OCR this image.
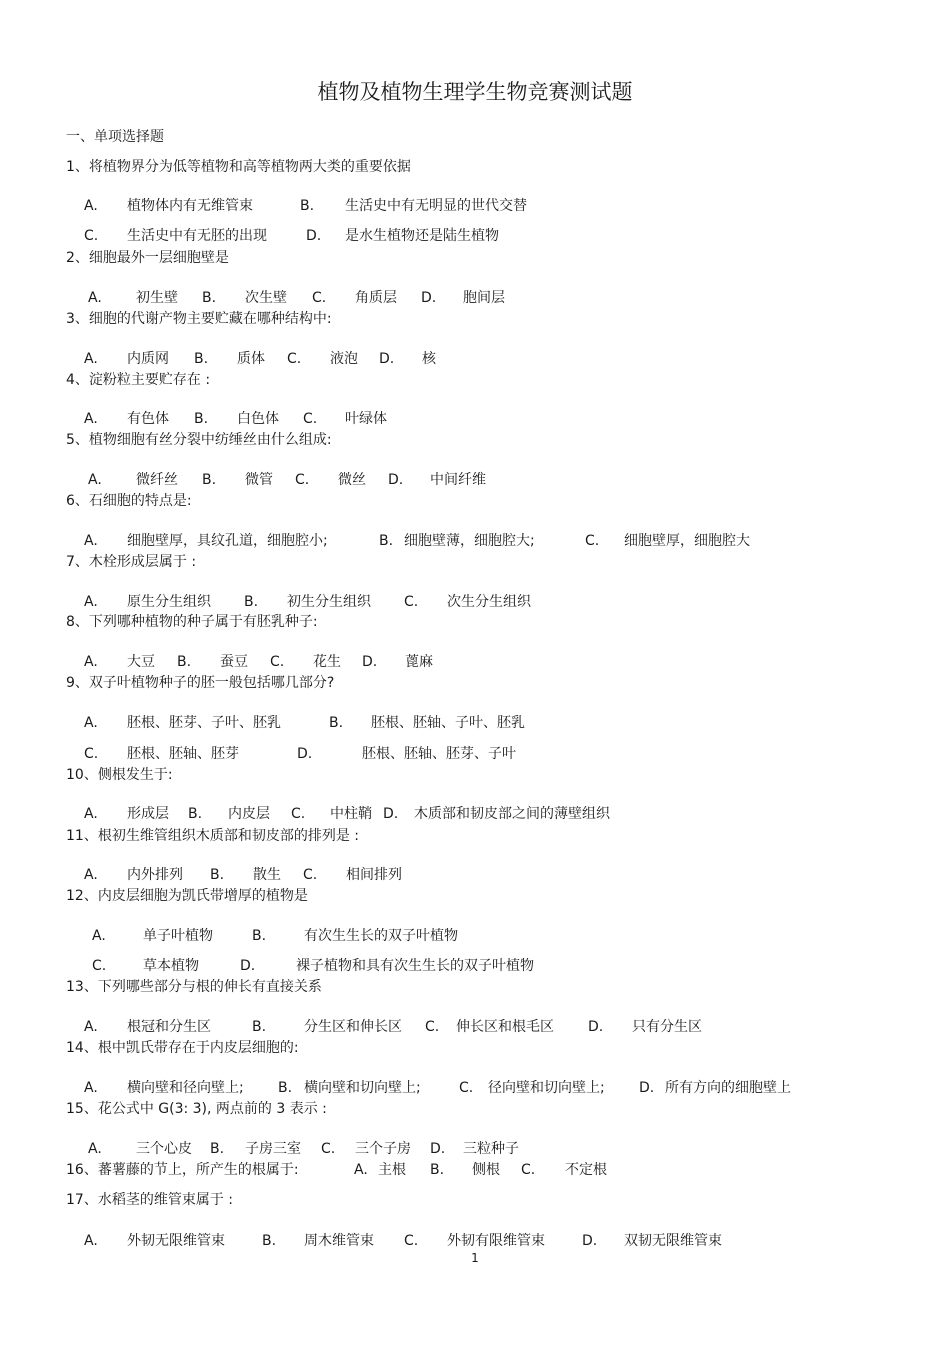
植物及植物生理学生物竞赛测试题
一、单项选择题
1、将植物界分为低等植物和高等植物两大类的重要依据
A. 植物体内有无维管束	B. 生活史中有无明显的世代交替
C. 生活史中有无胚的出现	D. 是水生植物还是陆生植物
2、细胞最外一层细胞壁是
A. 初生壁 B. 次生壁 C. 角质层 D. 胞间层
3、细胞的代谢产物主要贮藏在哪种结构中:
A. 内质网 B. 质体 C. 液泡 D. 核
4、淀粉粒主要贮存在 :
A. 有色体 B. 白色体 C. 叶绿体
5、植物细胞有丝分裂中纺缍丝由什么组成:
A. 微纤丝 B. 微管 C. 微丝 D. 中间纤维
6、石细胞的特点是:
A. 细胞壁厚，具纹孔道，细胞腔小;	B. 细胞壁薄，细胞腔大;	C. 细胞壁厚，细胞腔大
7、木栓形成层属于 :
A. 原生分生组织 B. 初生分生组织 C. 次生分生组织
8、下列哪种植物的种子属于有胚乳种子:
A. 大豆 B. 蚕豆 C. 花生 D. 蓖麻
9、双子叶植物种子的胚一般包括哪几部分?
A. 胚根、胚芽、子叶、胚乳	B. 胚根、胚轴、子叶、胚乳
C. 胚根、胚轴、胚芽	D.	胚根、胚轴、胚芽、子叶
10、侧根发生于:
A. 形成层 B. 内皮层 C. 中柱鞘 D. 木质部和韧皮部之间的薄壁组织
11、根初生维管组织木质部和韧皮部的排列是 :
A. 内外排列 B. 散生 C. 相间排列
12、内皮层细胞为凯氏带增厚的植物是
A.	单子叶植物	B.	有次生生长的双子叶植物
C.	草本植物	D.	裸子植物和具有次生生长的双子叶植物
13、下列哪些部分与根的伸长有直接关系
A. 根冠和分生区	B.	分生区和伸长区 C. 伸长区和根毛区 D. 只有分生区
14、根中凯氏带存在于内皮层细胞的:
A. 横向壁和径向壁上; B. 横向壁和切向壁上;	C. 径向壁和切向壁上; D. 所有方向的细胞壁上
15、花公式中 G(3: 3), 两点前的 3 表示 :
A. 三个心皮 B. 子房三室 C. 三个子房 D. 三粒种子
16、蕃薯藤的节上，所产生的根属于:	A. 主根 B. 侧根 C. 不定根
17、水稻茎的维管束属于 :
A. 外韧无限维管束	B. 周木维管束 C. 外韧有限维管束	D. 双韧无限维管束
1
